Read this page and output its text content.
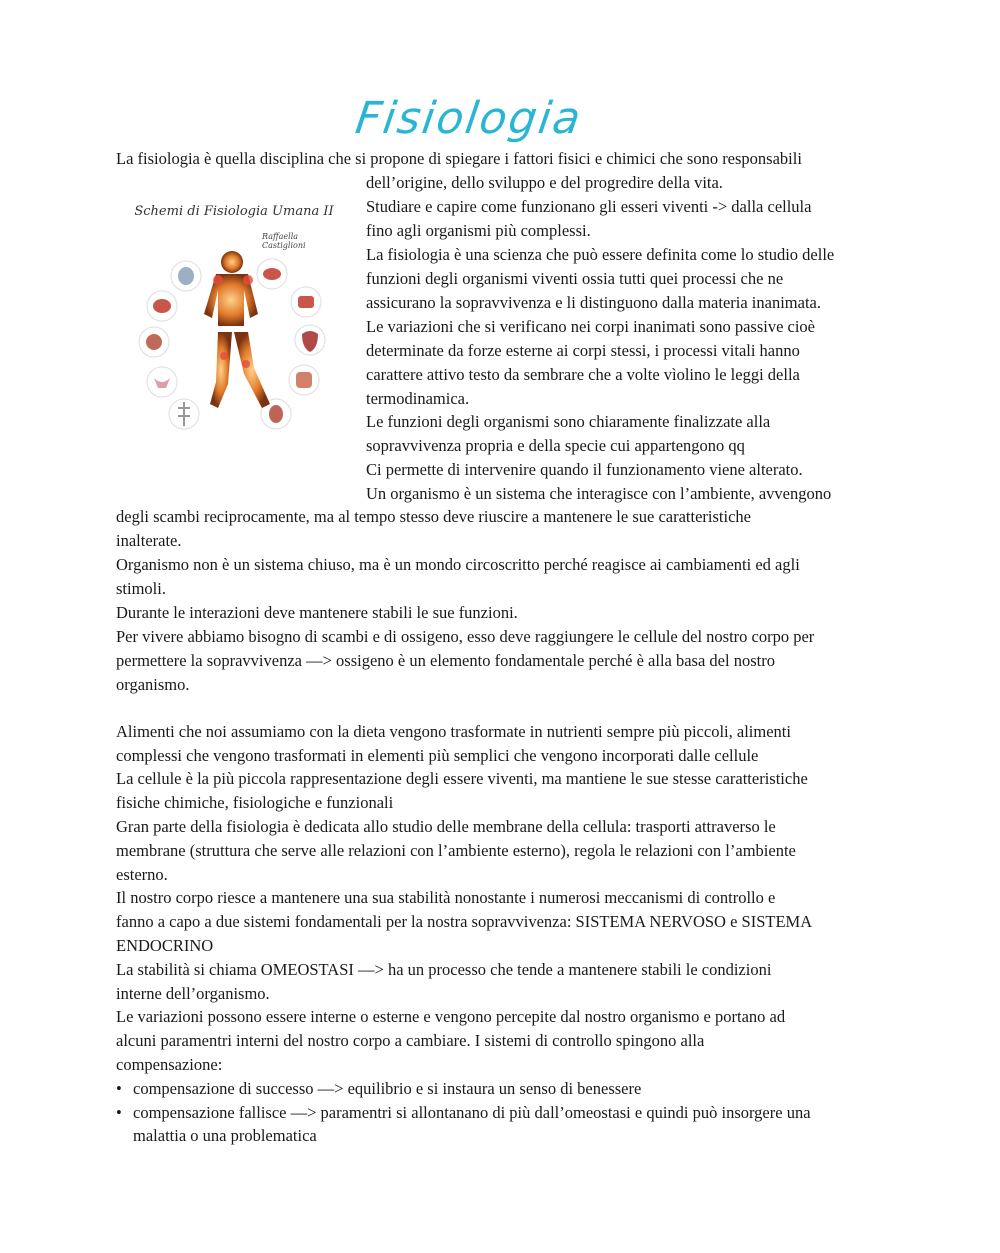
Fisiologia
Schemi di Fisiologia Umana II
Raffaella Castiglioni
La fisiologia è quella disciplina che si propone di spiegare i fattori fisici e chimici che sono responsabili
dell’origine, dello sviluppo e del progredire della vita.
Studiare e capire come funzionano gli esseri viventi -> dalla cellula
fino agli organismi più complessi.
La fisiologia è una scienza che può essere definita come lo studio delle
funzioni degli organismi viventi ossia tutti quei processi che ne
assicurano la sopravvivenza e li distinguono dalla materia inanimata.
Le variazioni che si verificano nei corpi inanimati sono passive cioè
determinate da forze esterne ai corpi stessi, i processi vitali hanno
carattere attivo testo da sembrare che a volte vìolino le leggi della
termodinamica.
Le funzioni degli organismi sono chiaramente finalizzate alla
sopravvivenza propria e della specie cui appartengono qq
Ci permette di intervenire quando il funzionamento viene alterato.
Un organismo è un sistema che interagisce con l’ambiente, avvengono
degli scambi reciprocamente, ma al tempo stesso deve riuscire a mantenere le sue caratteristiche
inalterate.
Organismo non è un sistema chiuso, ma è un mondo circoscritto perché reagisce ai cambiamenti ed agli
stimoli.
Durante le interazioni deve mantenere stabili le sue funzioni.
Per vivere abbiamo bisogno di scambi e di ossigeno, esso deve raggiungere le cellule del nostro corpo per
permettere la sopravvivenza —> ossigeno è un elemento fondamentale perché è alla basa del nostro
organismo.
Alimenti che noi assumiamo con la dieta vengono trasformate in nutrienti sempre più piccoli, alimenti
complessi che vengono trasformati in elementi più semplici che vengono incorporati dalle cellule
La cellule è la più piccola rappresentazione degli essere viventi, ma mantiene le sue stesse caratteristiche
fisiche chimiche, fisiologiche e funzionali
Gran parte della fisiologia è dedicata allo studio delle membrane della cellula: trasporti attraverso le
membrane (struttura che serve alle relazioni con l’ambiente esterno), regola le relazioni con l’ambiente
esterno.
Il nostro corpo riesce a mantenere una sua stabilità nonostante i numerosi meccanismi di controllo e
fanno a capo a due sistemi fondamentali per la nostra sopravvivenza: SISTEMA NERVOSO e SISTEMA
ENDOCRINO
La stabilità si chiama OMEOSTASI —> ha un processo che tende a mantenere stabili le condizioni
interne dell’organismo.
Le variazioni possono essere interne o esterne e vengono percepite dal nostro organismo e portano ad
alcuni paramentri interni del nostro corpo a cambiare. I sistemi di controllo spingono alla
compensazione:
compensazione di successo —> equilibrio e si instaura un senso di benessere
•
compensazione fallisce —> paramentri si allontanano di più dall’omeostasi e quindi può insorgere una
•
malattia o una problematica
